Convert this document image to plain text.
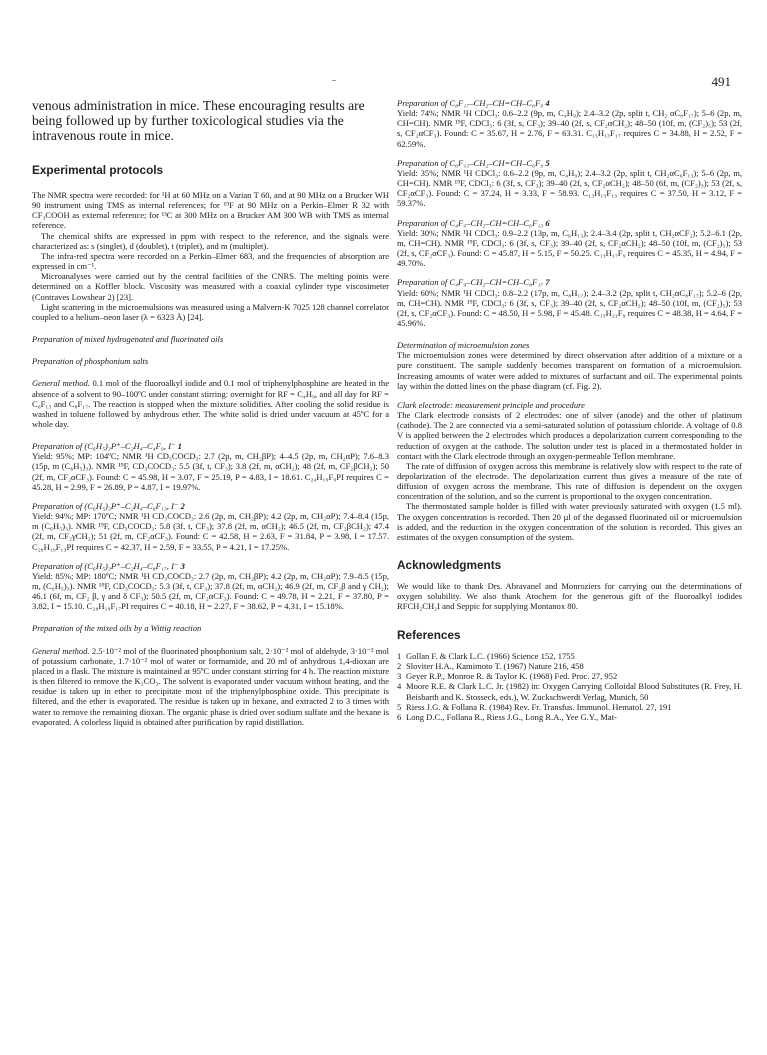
491
venous administration in mice. These encouraging results are being followed up by further toxicological studies via the intravenous route in mice.
Experimental protocols

The NMR spectra were recorded: for ¹H at 60 MHz on a Varian T 60, and at 90 MHz on a Brucker WH 90 instrument using TMS as internal references; for ¹⁹F at 90 MHz on a Perkin–Elmer R 32 with CF₃COOH as external reference; for ¹³C at 300 MHz on a Brucker AM 300 WB with TMS as internal reference.

The chemical shifts are expressed in ppm with respect to the reference, and the signals were characterized as: s (singlet), d (doublet), t (triplet), and m (multiplet).

The infra-red spectra were recorded on a Perkin–Elmer 683, and the frequencies of absorption are expressed in cm⁻¹.

Microanalyses were carried out by the central facilities of the CNRS. The melting points were determined on a Koffler block. Viscosity was measured with a coaxial cylinder type viscosimeter (Contraves Lowshear 2) [23].

Light scattering in the microemulsions was measured using a Malvern-K 7025 128 channel correlator coupled to a helium–neon laser (λ = 6323 Å) [24].

Preparation of mixed hydrogenated and fluorinated oils

Preparation of phosphonium salts

General method. 0.1 mol of the fluoroalkyl iodide and 0.1 mol of triphenylphosphine are heated in the absence of a solvent to 90–100ºC under constant stirring: overnight for RF = C₄H₉, and all day for RF = C₆F₁₃ and C₈F₁₇. The reaction is stopped when the mixture solidifies. After cooling the solid residue is washed in toluene followed by anhydrous ether. The white solid is dried under vacuum at 45ºC for a whole day.

Preparation of (C₆H₅)₃P⁺–C₂H₄–C₄F₉, I⁻ 1

Yield: 95%; MP: 104ºC; NMR ¹H CD₃COCD₃: 2.7 (2p, m, CH₂βP); 4–4.5 (2p, m, CH₂αP); 7.6–8.3 (15p, m (C₆H₅)₃). NMR ¹⁹F, CD₃COCD₃: 5.5 (3f, t, CF₃); 3.8 (2f, m, αCH₂); 48 (2f, m, CF₂βCH₂); 50 (2f, m, CF₂αCF₃). Found: C = 45.98, H = 3.07, F = 25.19, P = 4.83, I = 18.61. C₂₄H₁₉F₉PI requires C = 45.28, H = 2.99, F = 26.89, P = 4.87, I = 19.97%.

Preparation of (C₆H₅)₃P⁺–C₂H₄–C₆F₁₃, I⁻ 2

Yield: 94%; MP: 170ºC; NMR ¹H CD₃COCD₃: 2.6 (2p, m, CH₂βP); 4.2 (2p, m, CH₂αP); 7.4–8.4 (15p, m (C₆H₅)₃). NMR ¹⁹F, CD₃COCD₃: 5.8 (3f, t, CF₃); 37.8 (2f, m, αCH₂); 46.5 (2f, m, CF₂βCH₂); 47.4 (2f, m, CF₂γCH₂); 51 (2f, m, CF₂αCF₃). Found: C = 42.58, H = 2.63, F = 31.84, P = 3.98, I = 17.57. C₂₆H₁₉F₁₃PI requires C = 42.37, H = 2.59, F = 33.55, P = 4.21, I = 17.25%.

Preparation of (C₆H₅)₃P⁺–C₂H₄–C₈F₁₇, I⁻ 3

Yield: 85%; MP: 180ºC; NMR ¹H CD₃COCD₃: 2.7 (2p, m, CH₂βP); 4.2 (2p, m, CH₂αP); 7.9–8.5 (15p, m, (C₆H₅)₃). NMR ¹⁹F, CD₃COCD₃: 5.3 (3f, t, CF₃); 37.8 (2f, m, αCH₂); 46.9 (2f, m, CF₂β and γ CH₂); 46.1 (6f, m, CF₂ β, γ and δ CF₃); 50.5 (2f, m, CF₂αCF₃). Found: C = 49.78, H = 2.21, F = 37.80, P = 3.82, I = 15.10. C₂₈H₁₉F₁₇PI requires C = 40.18, H = 2.27, F = 38.62, P = 4.31, I = 15.18%.

Preparation of the mixed oils by a Wittig reaction

General method. 2.5·10⁻² mol of the fluorinated phosphonium salt, 2·10⁻² mol of aldehyde, 3·10⁻² mol of potassium carbonate, 1.7·10⁻² mol of water or formamide, and 20 ml of anhydrous 1,4-dioxan are placed in a flask. The mixture is maintained at 95ºC under constant stirring for 4 h. The reaction mixture is then filtered to remove the K₂CO₃. The solvent is evaporated under vacuum without heating, and the residue is taken up in ether to precipitate most of the triphenylphosphine oxide. This precipitate is filtered, and the ether is evaporated. The residue is taken up in hexane, and extracted 2 to 3 times with water to remove the remaining dioxan. The organic phase is dried over sodium sulfate and the hexane is evaporated. A colorless liquid is obtained after purification by rapid distillation.

Preparation of C₈F₁₇–CH₂–CH=CH–C₆F₉ 4

Yield: 74%; NMR ¹H CDCl₃: 0.6–2.2 (9p, m, C₄H₉); 2.4–3.2 (2p, split t, CH₂ αC₈F₁₇); 5–6 (2p, m, CH=CH). NMR ¹⁹F, CDCl₃: 6 (3f, s, CF₃); 39–40 (2f, s, CF₂αCH₂); 48–50 (10f, m, (CF₂)₅); 53 (2f, s, CF₂αCF₃). Found: C = 35.67, H = 2.76, F = 63.31. C₁₅H₁₃F₁₇ requires C = 34.88, H = 2.52, F = 62.59%.

Preparation of C₆F₁₃–CH₂–CH=CH–C₆F₉ 5

Yield: 35%; NMR ¹H CDCl₃: 0.6–2.2 (9p, m, C₄H₉); 2.4–3.2 (2p, split t, CH₂αC₆F₁₃); 5–6 (2p, m, CH=CH). NMR ¹⁹F, CDCl₃: 6 (3f, s, CF₃); 39–40 (2f, s, CF₂αCH₂); 48–50 (6f, m, (CF₂)₃); 53 (2f, s, CF₂αCF₃). Found: C = 37.24, H = 3.33, F = 58.93. C₁₃H₁₃F₁₃ requires C = 37.50, H = 3.12, F = 59.37%.

Preparation of C₄F₉–CH₂–CH=CH–C₆F₁₃ 6

Yield: 30%; NMR ¹H CDCl₃: 0.9–2.2 (13p, m, C₆H₁₃); 2.4–3.4 (2p, split t, CH₂αCF₂); 5.2–6.1 (2p, m, CH=CH). NMR ¹⁹F, CDCl₃: 6 (3f, s, CF₃); 39–40 (2f, s, CF₂αCH₂); 48–50 (10f, m, (CF₂)₅); 53 (2f, s, CF₂αCF₃). Found: C = 45.87, H = 5.15, F = 50.25. C₁₃H₁₇F₉ requires C = 45.35, H = 4.94, F = 49.70%.

Preparation of C₄F₉–CH₂–CH=CH–C₈F₁₇ 7

Yield: 60%; NMR ¹H CDCl₃: 0.8–2.2 (17p, m, C₈H₁₇); 2.4–3.2 (2p, split t, CH₂αC₈F₁₇); 5.2–6 (2p, m, CH=CH). NMR ¹⁹F, CDCl₃: 6 (3f, s, CF₃); 39–40 (2f, s, CF₂αCH₂); 48–50 (10f, m, (CF₂)₅); 53 (2f, s, CF₂αCF₃). Found: C = 48.50, H = 5.98, F = 45.48. C₁₅H₂₁F₉ requires C = 48.38, H = 4.64, F = 45.96%.

Determination of microemulsion zones

The microemulsion zones were determined by direct observation after addition of a mixture or a pure constituent. The sample suddenly becomes transparent on formation of a microemulsion. Increasing amounts of water were added to mixtures of surfactant and oil. The experimental points lay within the dotted lines on the phase diagram (cf. Fig. 2).

Clark electrode: measurement principle and procedure

The Clark electrode consists of 2 electrodes: one of silver (anode) and the other of platinum (cathode). The 2 are connected via a semi-saturated solution of potassium chloride. A voltage of 0.8 V is applied between the 2 electrodes which produces a depolarization current corresponding to the reduction of oxygen at the cathode. The solution under test is placed in a thermostated holder in contact with the Clark electrode through an oxygen-permeable Teflon membrane.

The rate of diffusion of oxygen across this membrane is relatively slow with respect to the rate of depolarization of the electrode. The depolarization current thus gives a measure of the rate of diffusion of oxygen across the membrane. This rate of diffusion is dependent on the oxygen concentration of the solution, and so the current is proportional to the oxygen concentration.

The thermostated sample holder is filled with water previously saturated with oxygen (1.5 ml). The oxygen concentration is recorded. Then 20 µl of the degassed fluorinated oil or microemulsion is added, and the reduction in the oxygen concentration of the solution is recorded. This gives an estimates of the oxygen consumption of the system.

Acknowledgments

We would like to thank Drs. Abravanel and Monroziers for carrying out the determinations of oxygen solubility. We also thank Atochem for the generous gift of the fluoroalkyl iodides RFCH₂CH₂I and Seppic for supplying Montanox 80.

References

1 Gollan F. & Clark L.C. (1966) Science 152, 1755

2 Sloviter H.A., Kamimoto T. (1967) Nature 216, 458

3 Geyer R.P., Monroe R. & Taylor K. (1968) Fed. Proc. 27, 952

4 Moore R.E. & Clark L.C. Jr. (1982) in: Oxygen Carrying Colloidal Blood Substitutes (R. Frey, H. Beisbarth and K. Stosseck, eds.), W. Zuckschwerdt Verlag, Munich, 50

5 Riess J.G. & Follana R. (1984) Rev. Fr. Transfus. Immunol. Hematol. 27, 191

6 Long D.C., Follana R., Riess J.G., Long R.A., Yee G.Y., Mat-
